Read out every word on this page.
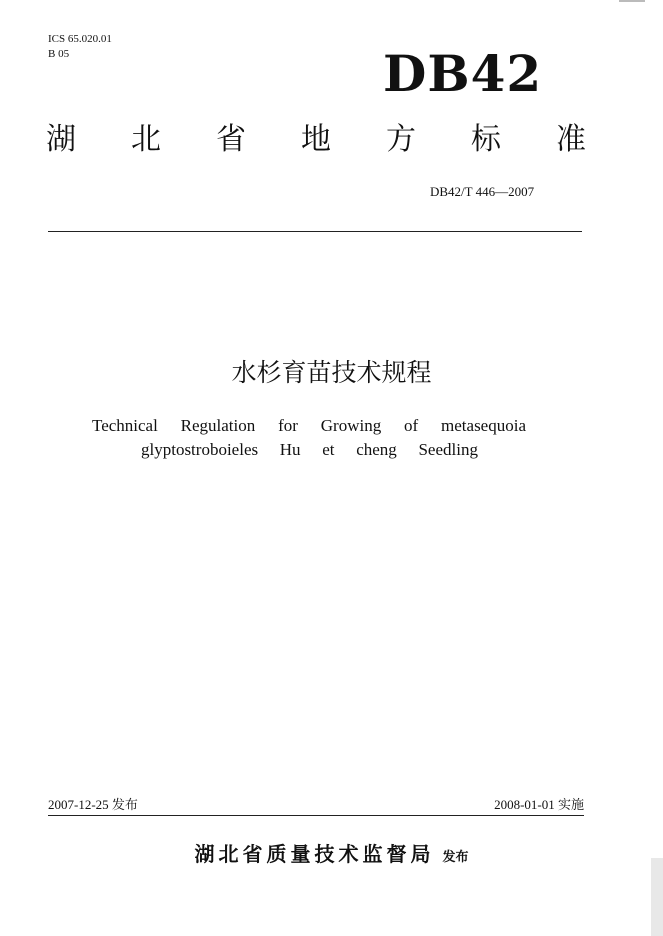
ICS 65.020.01
B 05	DB42
湖 北 省 地 方 标 准
DB42/T 446—2007
水杉育苗技术规程
Technical Regulation for Growing of metasequoia
glyptostroboieles Hu et cheng Seedling
2007-12-25 发布	2008-01-01 实施
湖北省质量技术监督局 发布
